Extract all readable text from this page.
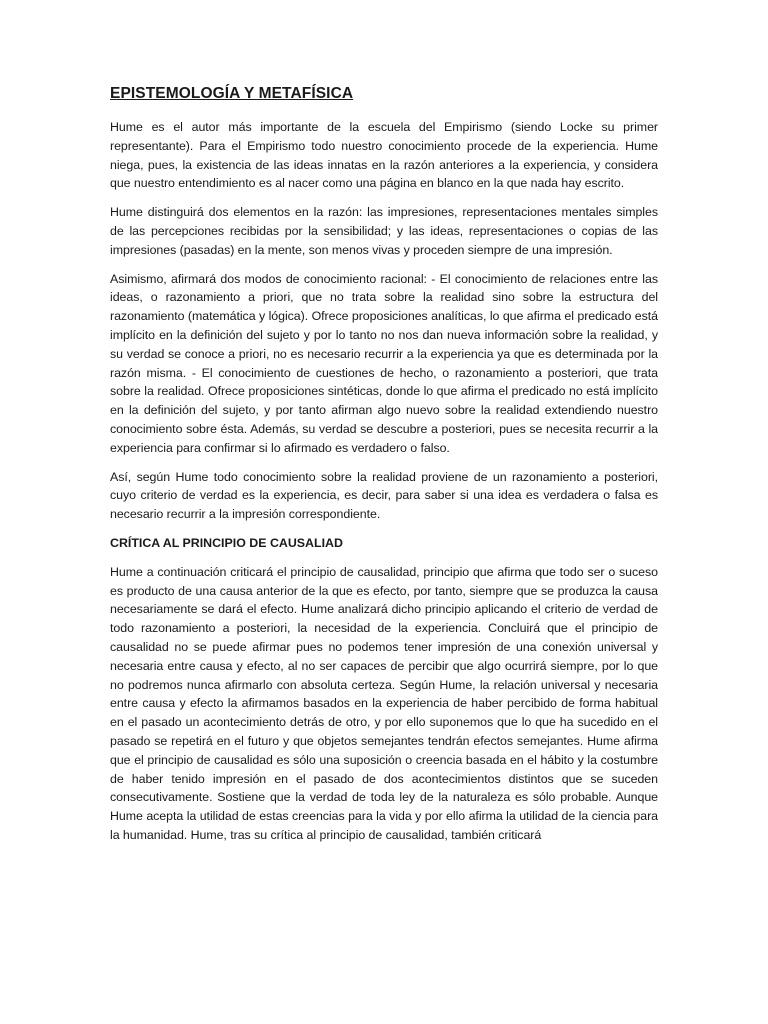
EPISTEMOLOGÍA Y METAFÍSICA

Hume es el autor más importante de la escuela del Empirismo (siendo Locke su primer representante). Para el Empirismo todo nuestro conocimiento procede de la experiencia. Hume niega, pues, la existencia de las ideas innatas en la razón anteriores a la experiencia, y considera que nuestro entendimiento es al nacer como una página en blanco en la que nada hay escrito.

Hume distinguirá dos elementos en la razón: las impresiones, representaciones mentales simples de las percepciones recibidas por la sensibilidad; y las ideas, representaciones o copias de las impresiones (pasadas) en la mente, son menos vivas y proceden siempre de una impresión.

Asimismo, afirmará dos modos de conocimiento racional: - El conocimiento de relaciones entre las ideas, o razonamiento a priori, que no trata sobre la realidad sino sobre la estructura del razonamiento (matemática y lógica). Ofrece proposiciones analíticas, lo que afirma el predicado está implícito en la definición del sujeto y por lo tanto no nos dan nueva información sobre la realidad, y su verdad se conoce a priori, no es necesario recurrir a la experiencia ya que es determinada por la razón misma. - El conocimiento de cuestiones de hecho, o razonamiento a posteriori, que trata sobre la realidad. Ofrece proposiciones sintéticas, donde lo que afirma el predicado no está implícito en la definición del sujeto, y por tanto afirman algo nuevo sobre la realidad extendiendo nuestro conocimiento sobre ésta. Además, su verdad se descubre a posteriori, pues se necesita recurrir a la experiencia para confirmar si lo afirmado es verdadero o falso.

Así, según Hume todo conocimiento sobre la realidad proviene de un razonamiento a posteriori, cuyo criterio de verdad es la experiencia, es decir, para saber si una idea es verdadera o falsa es necesario recurrir a la impresión correspondiente.

CRÍTICA AL PRINCIPIO DE CAUSALIAD

Hume a continuación criticará el principio de causalidad, principio que afirma que todo ser o suceso es producto de una causa anterior de la que es efecto, por tanto, siempre que se produzca la causa necesariamente se dará el efecto. Hume analizará dicho principio aplicando el criterio de verdad de todo razonamiento a posteriori, la necesidad de la experiencia. Concluirá que el principio de causalidad no se puede afirmar pues no podemos tener impresión de una conexión universal y necesaria entre causa y efecto, al no ser capaces de percibir que algo ocurrirá siempre, por lo que no podremos nunca afirmarlo con absoluta certeza. Según Hume, la relación universal y necesaria entre causa y efecto la afirmamos basados en la experiencia de haber percibido de forma habitual en el pasado un acontecimiento detrás de otro, y por ello suponemos que lo que ha sucedido en el pasado se repetirá en el futuro y que objetos semejantes tendrán efectos semejantes. Hume afirma que el principio de causalidad es sólo una suposición o creencia basada en el hábito y la costumbre de haber tenido impresión en el pasado de dos acontecimientos distintos que se suceden consecutivamente. Sostiene que la verdad de toda ley de la naturaleza es sólo probable. Aunque Hume acepta la utilidad de estas creencias para la vida y por ello afirma la utilidad de la ciencia para la humanidad. Hume, tras su crítica al principio de causalidad, también criticará
